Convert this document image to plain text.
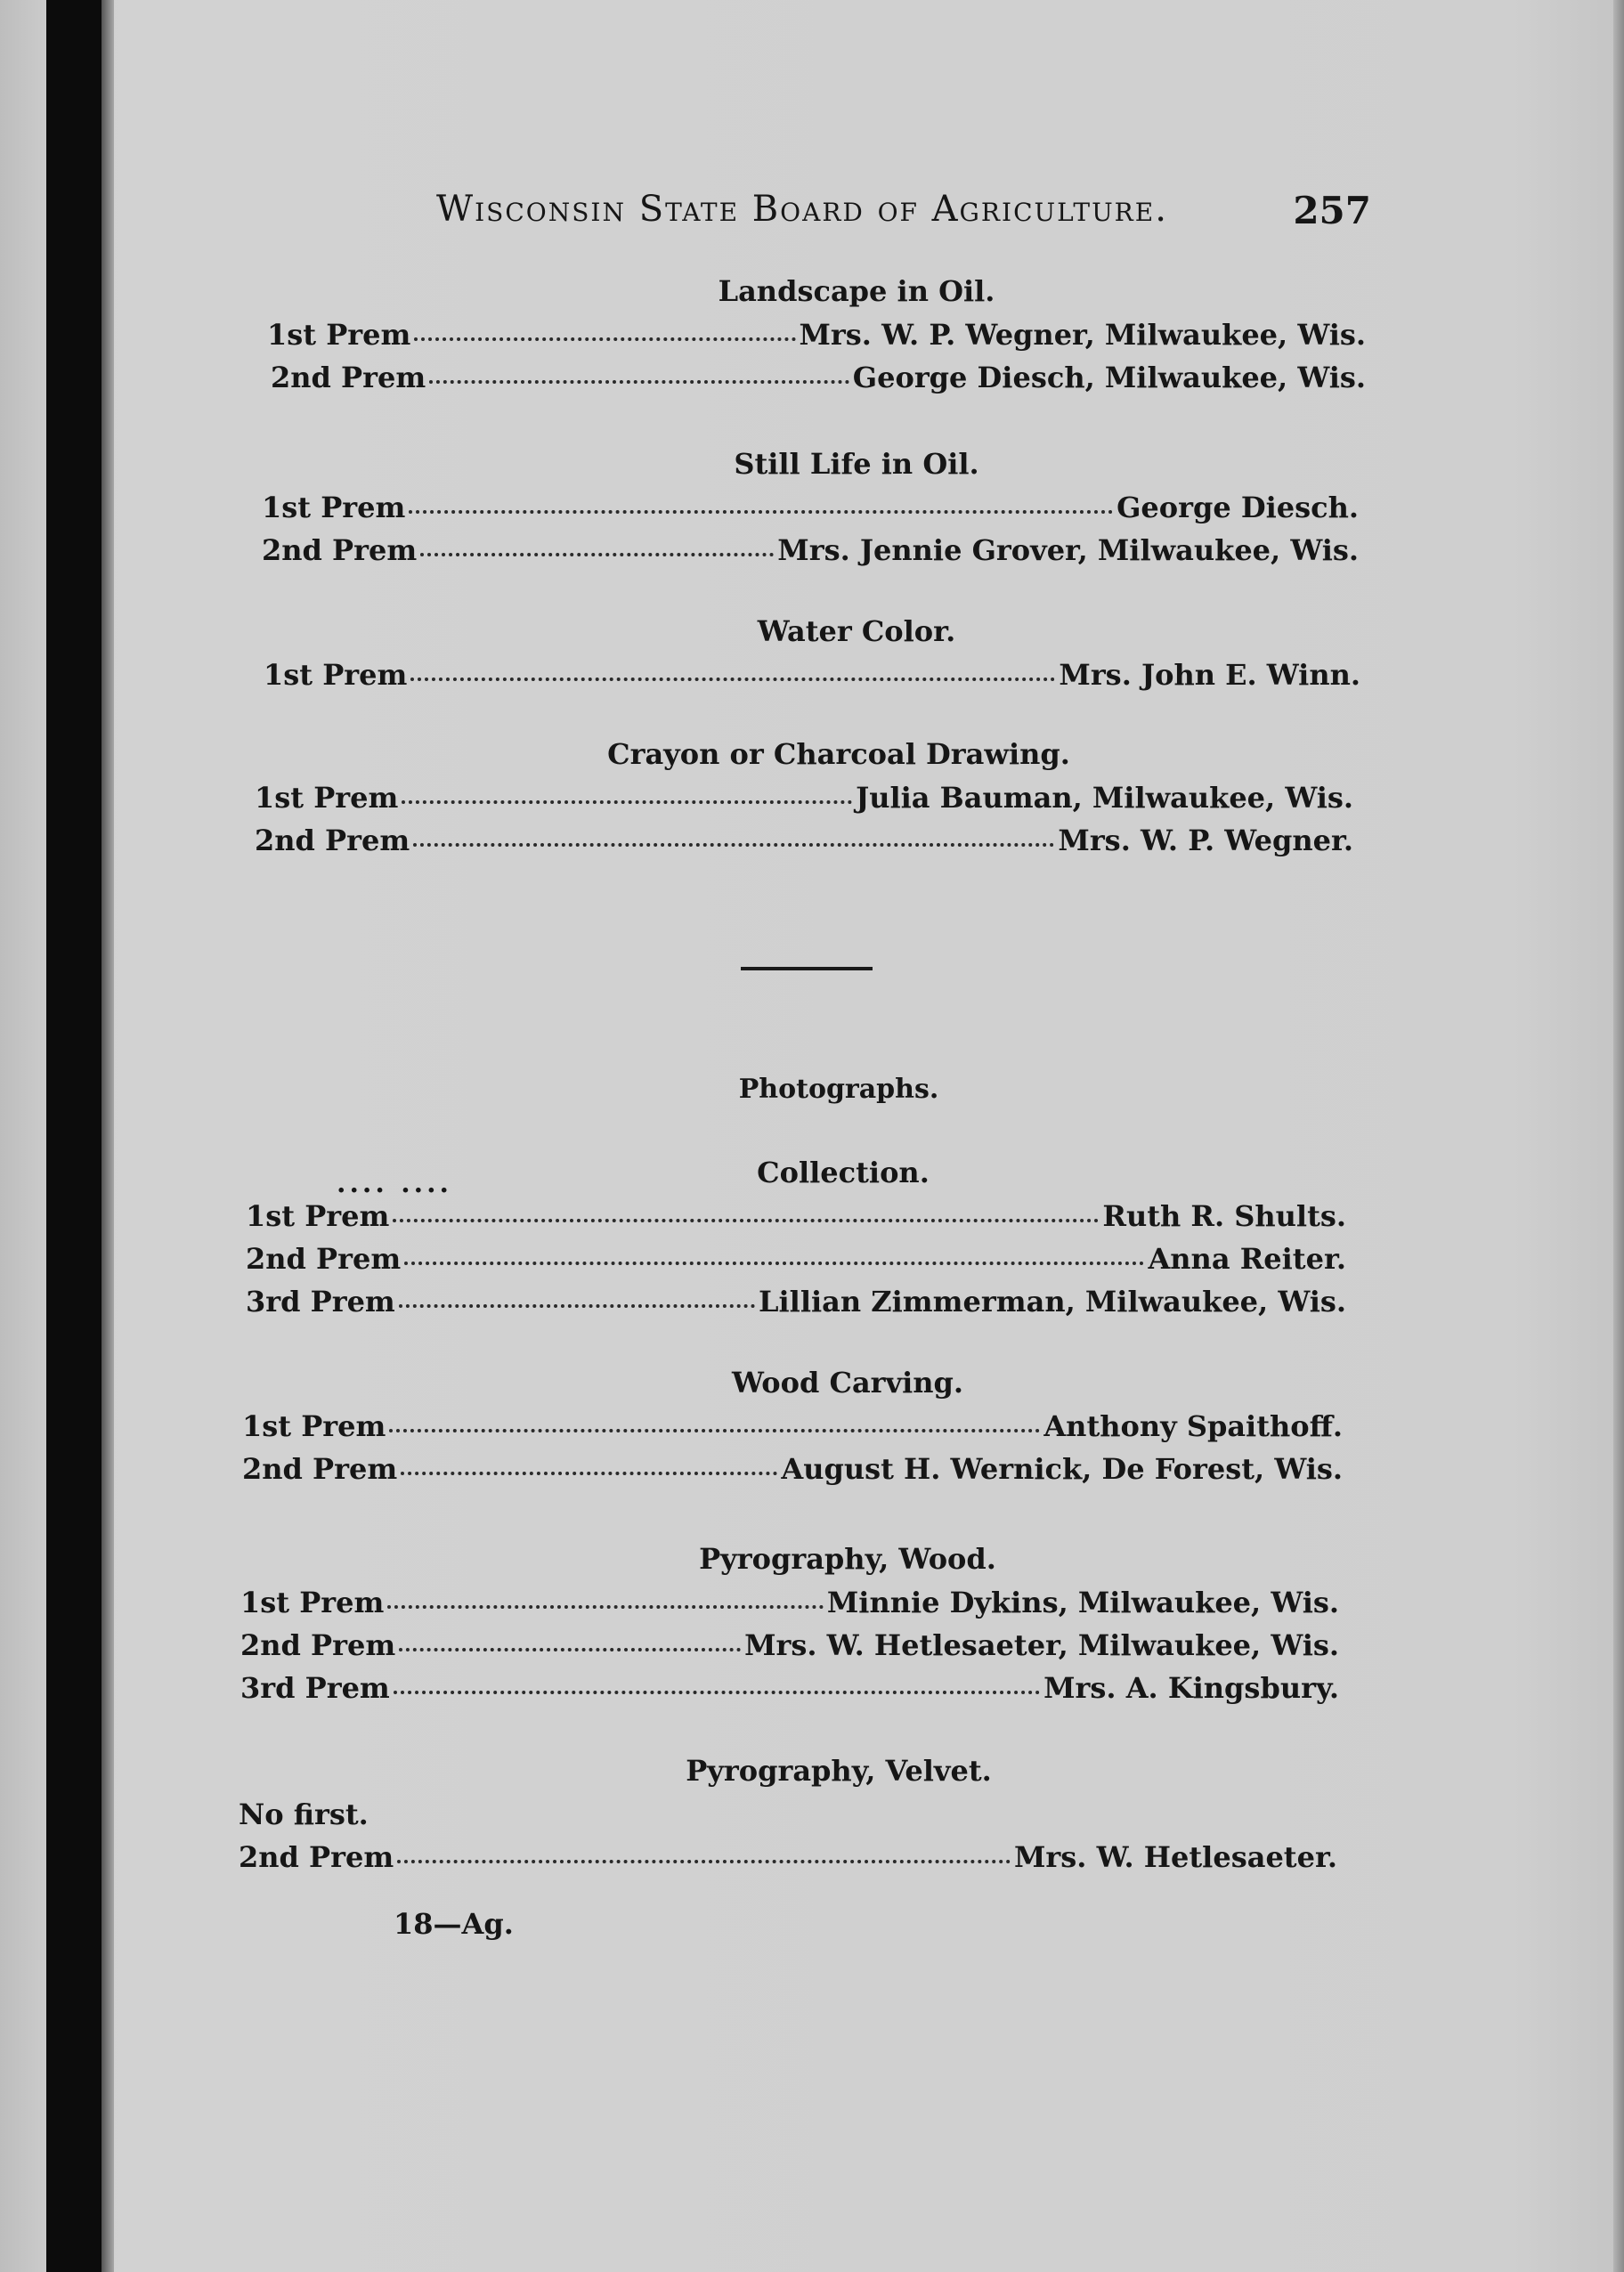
Wisconsin State Board of Agriculture.	257
Landscape in Oil.
1st Prem	Mrs. W. P. Wegner, Milwaukee, Wis.
2nd Prem	George Diesch, Milwaukee, Wis.
Still Life in Oil.
1st Prem	George Diesch.
2nd Prem	Mrs. Jennie Grover, Milwaukee, Wis.
Water Color.
1st Prem	Mrs. John E. Winn.
Crayon or Charcoal Drawing.
1st Prem	Julia Bauman, Milwaukee, Wis.
2nd Prem	Mrs. W. P. Wegner.
Photographs.
.... ....	Collection.
1st Prem	Ruth R. Shults.
2nd Prem	Anna Reiter.
3rd Prem	Lillian Zimmerman, Milwaukee, Wis.
Wood Carving.
1st Prem	Anthony Spaithoff.
2nd Prem	August H. Wernick, De Forest, Wis.
Pyrography, Wood.
1st Prem	Minnie Dykins, Milwaukee, Wis.
2nd Prem	Mrs. W. Hetlesaeter, Milwaukee, Wis.
3rd Prem	Mrs. A. Kingsbury.
Pyrography, Velvet.
No first.
2nd Prem	Mrs. W. Hetlesaeter.
18—Ag.
